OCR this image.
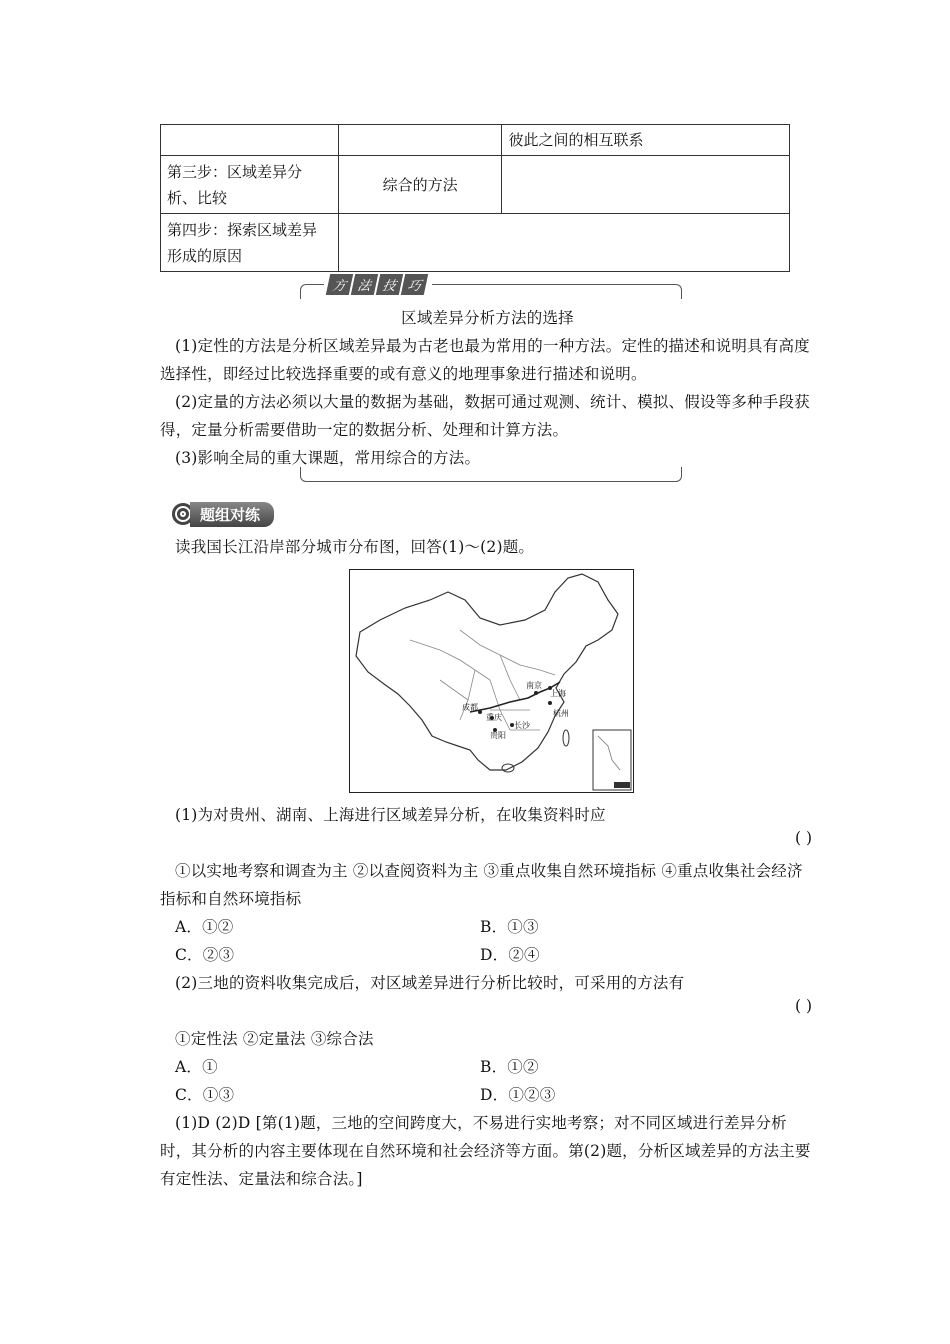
		彼此之间的相互联系
第三步：区域差异分析、比较	综合的方法	
第四步：探索区域差异形成的原因		
方 法 技 巧
区域差异分析方法的选择
(1)定性的方法是分析区域差异最为古老也最为常用的一种方法。定性的描述和说明具有高度选择性，即经过比较选择重要的或有意义的地理事象进行描述和说明。
(2)定量的方法必须以大量的数据为基础，数据可通过观测、统计、模拟、假设等多种手段获得，定量分析需要借助一定的数据分析、处理和计算方法。
(3)影响全局的重大课题，常用综合的方法。
题组对练
读我国长江沿岸部分城市分布图，回答(1)～(2)题。
南京
上海
杭州
成都
重庆
贵阳
长沙
(1)为对贵州、湖南、上海进行区域差异分析，在收集资料时应
( )
①以实地考察和调查为主 ②以查阅资料为主 ③重点收集自然环境指标 ④重点收集社会经济指标和自然环境指标
A．①②	B．①③
C．②③	D．②④
(2)三地的资料收集完成后，对区域差异进行分析比较时，可采用的方法有
( )
①定性法 ②定量法 ③综合法
A．①	B．①②
C．①③	D．①②③
(1)D (2)D [第(1)题，三地的空间跨度大，不易进行实地考察；对不同区域进行差异分析时，其分析的内容主要体现在自然环境和社会经济等方面。第(2)题，分析区域差异的方法主要有定性法、定量法和综合法。]
